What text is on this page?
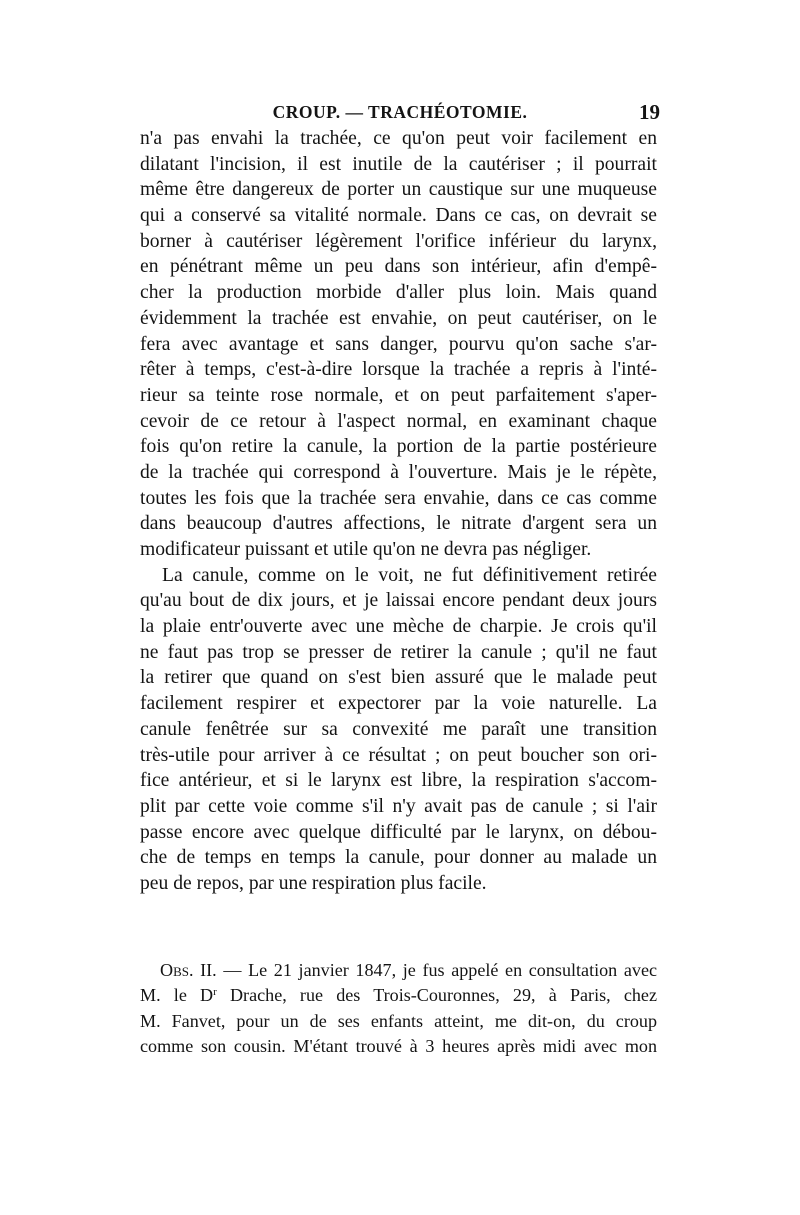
CROUP. — TRACHÉOTOMIE.	19
n'a pas envahi la trachée, ce qu'on peut voir facilement en
dilatant l'incision, il est inutile de la cautériser ; il pourrait
même être dangereux de porter un caustique sur une muqueuse
qui a conservé sa vitalité normale. Dans ce cas, on devrait se
borner à cautériser légèrement l'orifice inférieur du larynx,
en pénétrant même un peu dans son intérieur, afin d'empê-
cher la production morbide d'aller plus loin. Mais quand
évidemment la trachée est envahie, on peut cautériser, on le
fera avec avantage et sans danger, pourvu qu'on sache s'ar-
rêter à temps, c'est-à-dire lorsque la trachée a repris à l'inté-
rieur sa teinte rose normale, et on peut parfaitement s'aper-
cevoir de ce retour à l'aspect normal, en examinant chaque
fois qu'on retire la canule, la portion de la partie postérieure
de la trachée qui correspond à l'ouverture. Mais je le répète,
toutes les fois que la trachée sera envahie, dans ce cas comme
dans beaucoup d'autres affections, le nitrate d'argent sera un
modificateur puissant et utile qu'on ne devra pas négliger.
La canule, comme on le voit, ne fut définitivement retirée
qu'au bout de dix jours, et je laissai encore pendant deux jours
la plaie entr'ouverte avec une mèche de charpie. Je crois qu'il
ne faut pas trop se presser de retirer la canule ; qu'il ne faut
la retirer que quand on s'est bien assuré que le malade peut
facilement respirer et expectorer par la voie naturelle. La
canule fenêtrée sur sa convexité me paraît une transition
très-utile pour arriver à ce résultat ; on peut boucher son ori-
fice antérieur, et si le larynx est libre, la respiration s'accom-
plit par cette voie comme s'il n'y avait pas de canule ; si l'air
passe encore avec quelque difficulté par le larynx, on débou-
che de temps en temps la canule, pour donner au malade un
peu de repos, par une respiration plus facile.
Obs. II. — Le 21 janvier 1847, je fus appelé en consultation avec
M. le $D^r$ Drache, rue des Trois-Couronnes, 29, à Paris, chez
M. Fanvet, pour un de ses enfants atteint, me dit-on, du croup
comme son cousin. M'étant trouvé à 3 heures après midi avec mon
